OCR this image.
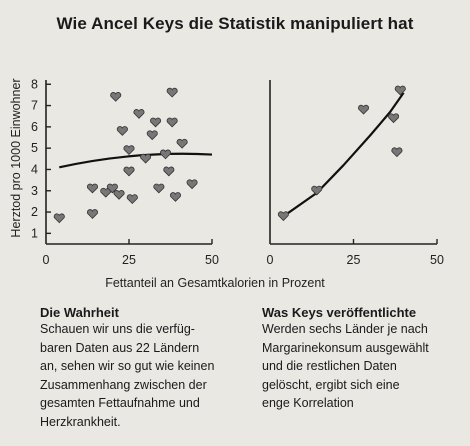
Wie Ancel Keys die Statistik manipuliert hat
0	25	50
1
2
3
4
5
6
7
8
0	25	50
Herztod pro 1000 Einwohner
Fettanteil an Gesamtkalorien in Prozent
Die Wahrheit
Schauen wir uns die verfüg-
baren Daten aus 22 Ländern
an, sehen wir so gut wie keinen
Zusammenhang zwischen der
gesamten Fettaufnahme und
Herzkrankheit.
Was Keys veröffentlichte
Werden sechs Länder je nach
Margarinekonsum ausgewählt
und die restlichen Daten
gelöscht, ergibt sich eine
enge Korrelation
